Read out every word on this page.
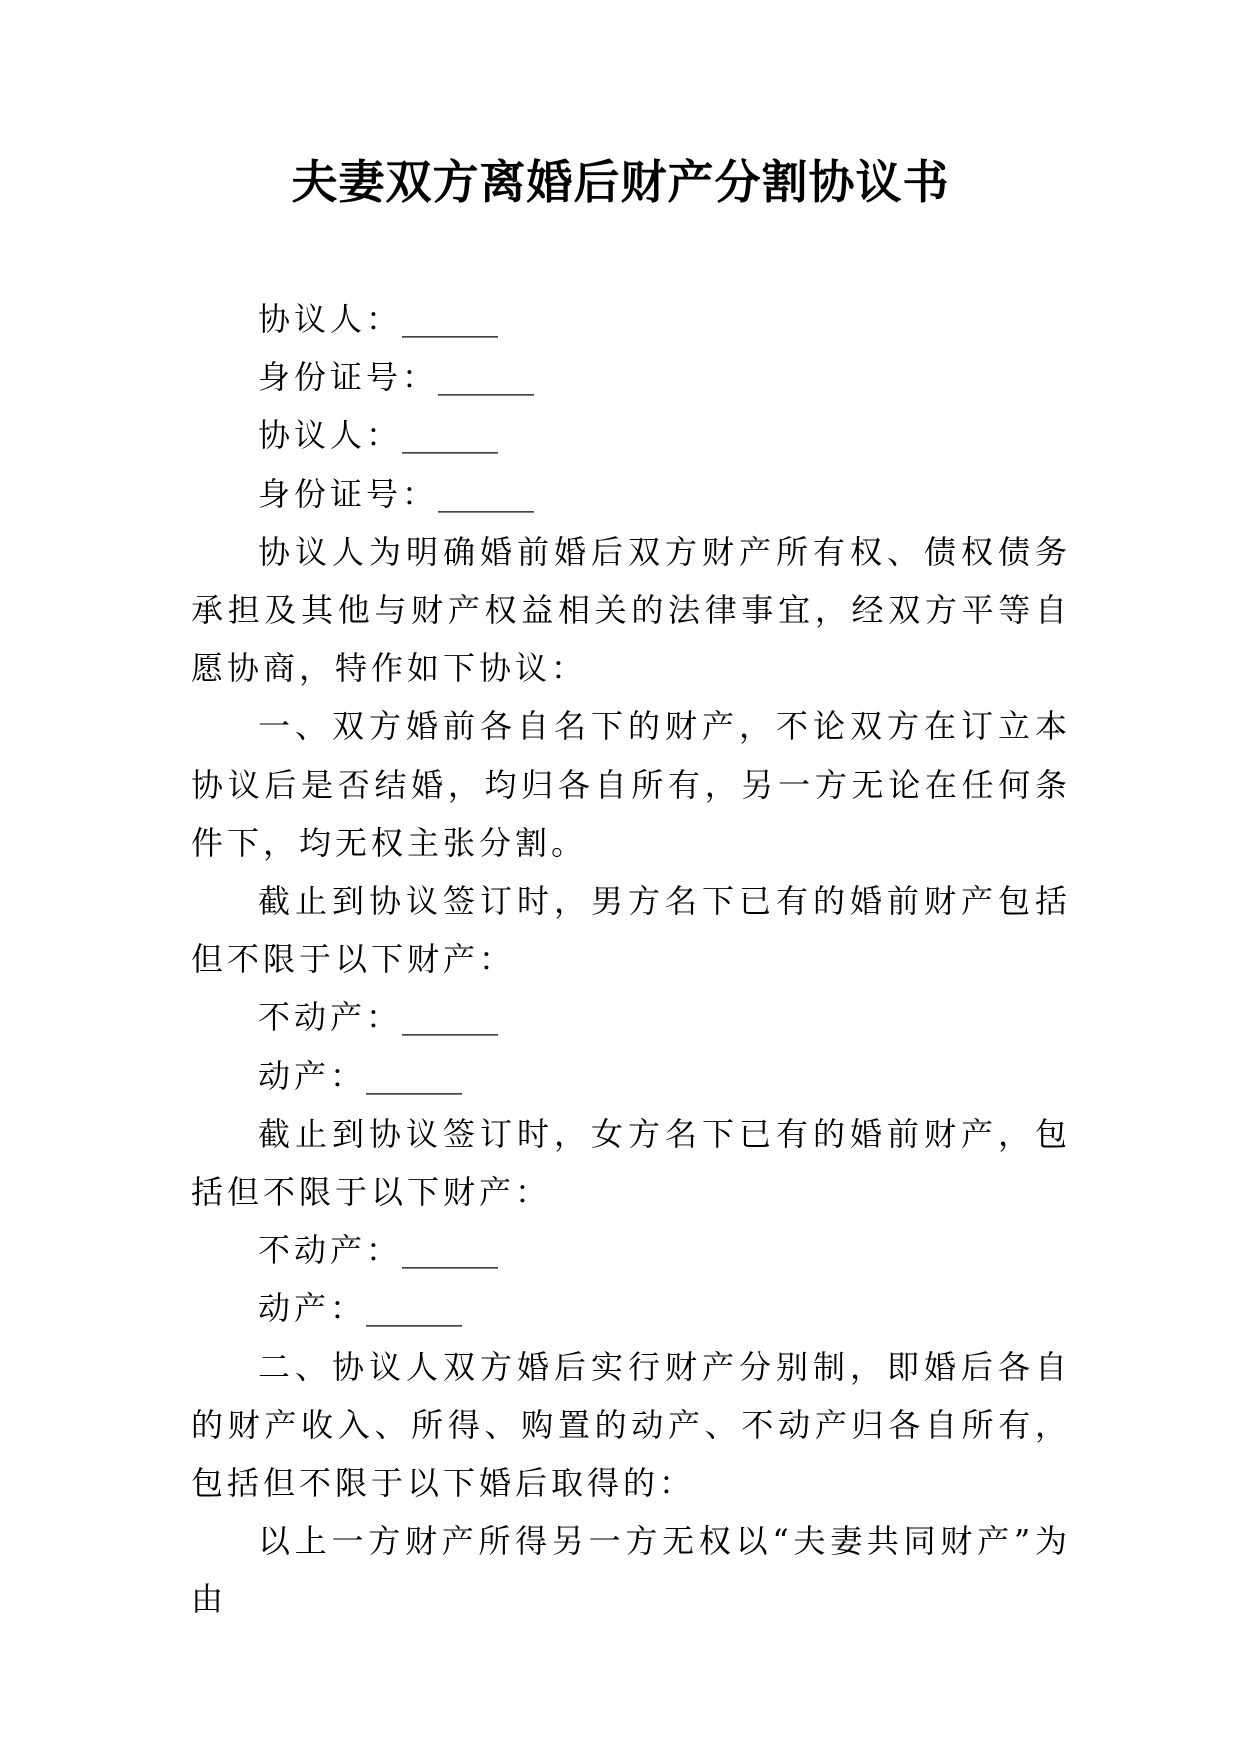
夫妻双方离婚后财产分割协议书

协议人：______

身份证号：______

协议人：______

身份证号：______

协议人为明确婚前婚后双方财产所有权、债权债务承担及其他与财产权益相关的法律事宜，经双方平等自愿协商，特作如下协议：

一、双方婚前各自名下的财产，不论双方在订立本协议后是否结婚，均归各自所有，另一方无论在任何条件下，均无权主张分割。

截止到协议签订时，男方名下已有的婚前财产包括但不限于以下财产：

不动产：______

动产：______

截止到协议签订时，女方名下已有的婚前财产，包括但不限于以下财产：

不动产：______

动产：______

二、协议人双方婚后实行财产分别制，即婚后各自的财产收入、所得、购置的动产、不动产归各自所有，包括但不限于以下婚后取得的：

以上一方财产所得另一方无权以“夫妻共同财产”为由
